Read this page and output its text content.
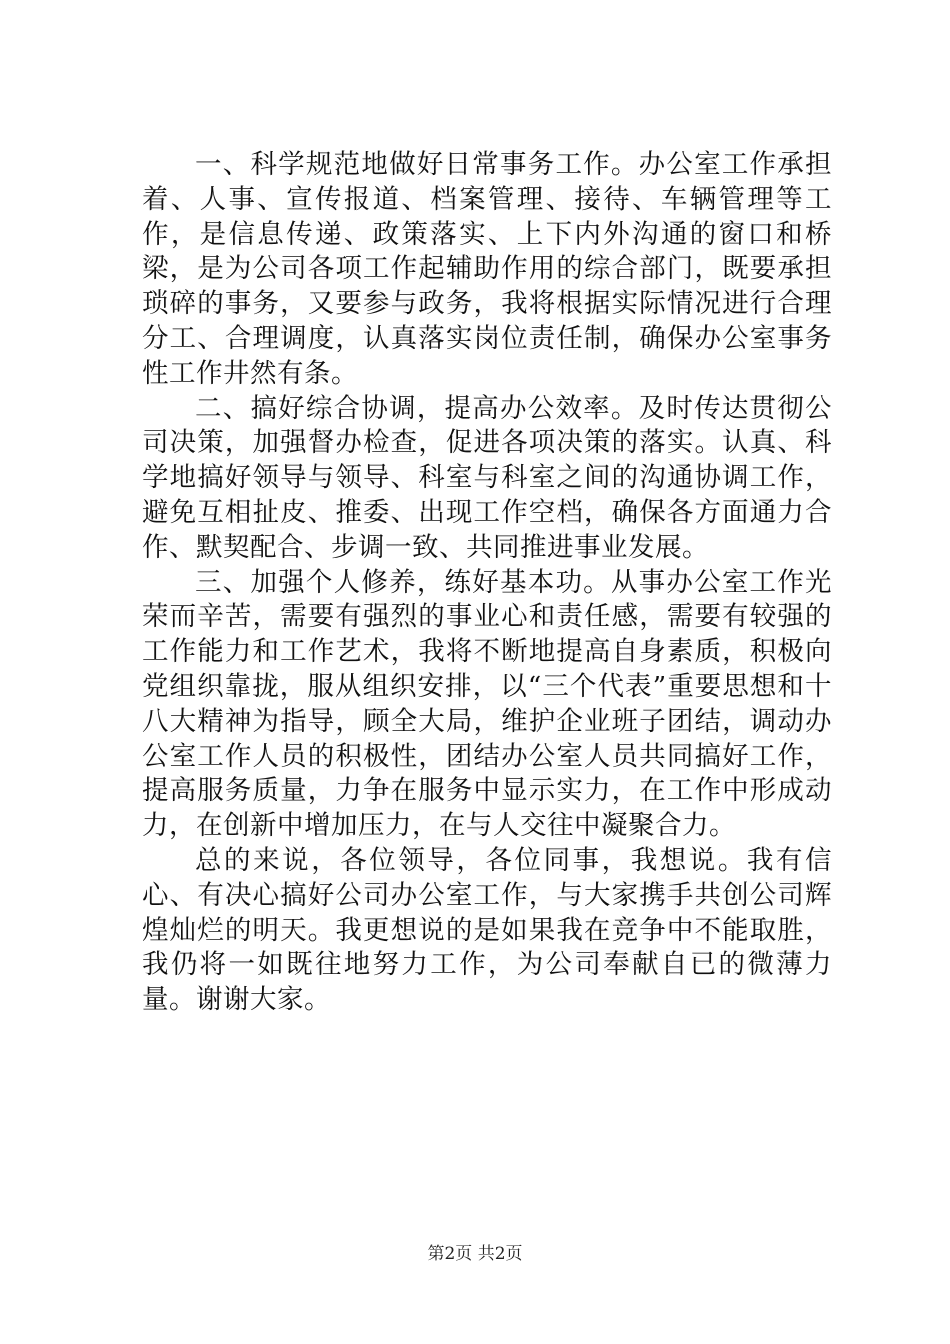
一、科学规范地做好日常事务工作。办公室工作承担着、人事、宣传报道、档案管理、接待、车辆管理等工作，是信息传递、政策落实、上下内外沟通的窗口和桥梁，是为公司各项工作起辅助作用的综合部门，既要承担琐碎的事务，又要参与政务，我将根据实际情况进行合理分工、合理调度，认真落实岗位责任制，确保办公室事务性工作井然有条。

二、搞好综合协调，提高办公效率。及时传达贯彻公司决策，加强督办检查，促进各项决策的落实。认真、科学地搞好领导与领导、科室与科室之间的沟通协调工作，避免互相扯皮、推委、出现工作空档，确保各方面通力合作、默契配合、步调一致、共同推进事业发展。

三、加强个人修养，练好基本功。从事办公室工作光荣而辛苦，需要有强烈的事业心和责任感，需要有较强的工作能力和工作艺术，我将不断地提高自身素质，积极向党组织靠拢，服从组织安排，以“三个代表”重要思想和十八大精神为指导，顾全大局，维护企业班子团结，调动办公室工作人员的积极性，团结办公室人员共同搞好工作，提高服务质量，力争在服务中显示实力，在工作中形成动力，在创新中增加压力，在与人交往中凝聚合力。

总的来说，各位领导，各位同事，我想说。我有信心、有决心搞好公司办公室工作，与大家携手共创公司辉煌灿烂的明天。我更想说的是如果我在竞争中不能取胜，我仍将一如既往地努力工作，为公司奉献自已的微薄力量。谢谢大家。

第2页 共2页
